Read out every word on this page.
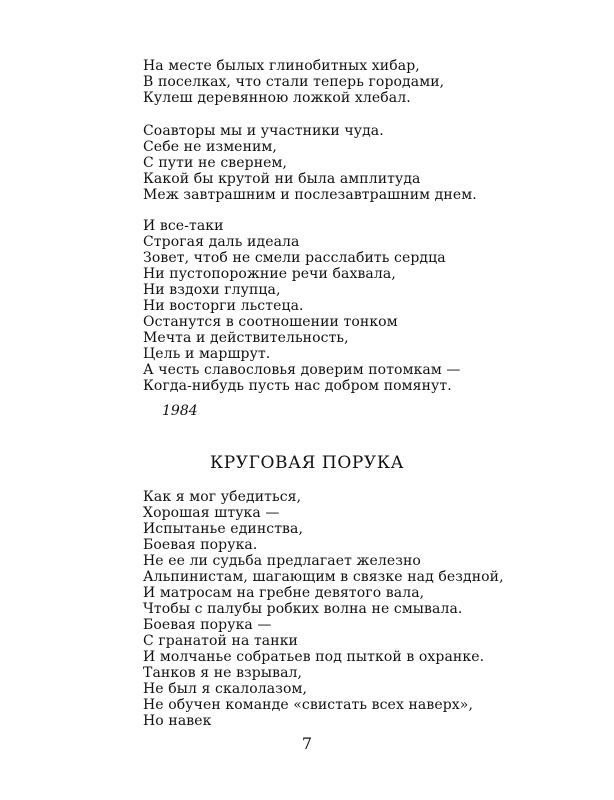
На месте былых глинобитных хибар,
В поселках, что стали теперь городами,
Кулеш деревянною ложкой хлебал.
Соавторы мы и участники чуда.
Себе не изменим,
С пути не свернем,
Какой бы крутой ни была амплитуда
Меж завтрашним и послезавтрашним днем.
И все-таки
Строгая даль идеала
Зовет, чтоб не смели расслабить сердца
Ни пустопорожние речи бахвала,
Ни вздохи глупца,
Ни восторги льстеца.
Останутся в соотношении тонком
Мечта и действительность,
Цель и маршрут.
А честь славословья доверим потомкам —
Когда-нибудь пусть нас добром помянут.
1984
КРУГОВАЯ ПОРУКА
Как я мог убедиться,
Хорошая штука —
Испытанье единства,
Боевая порука.
Не ее ли судьба предлагает железно
Альпинистам, шагающим в связке над бездной,
И матросам на гребне девятого вала,
Чтобы с палубы робких волна не смывала.
Боевая порука —
С гранатой на танки
И молчанье собратьев под пыткой в охранке.
Танков я не взрывал,
Не был я скалолазом,
Не обучен команде «свистать всех наверх»,
Но навек
7
